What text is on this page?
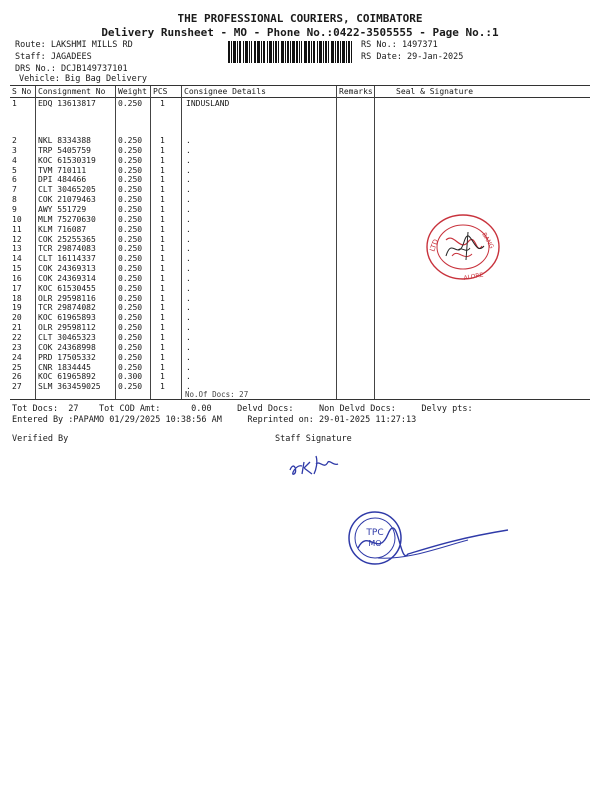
THE PROFESSIONAL COURIERS, COIMBATORE
Delivery Runsheet - MO - Phone No.:0422-3505555 - Page No.:1
Route: LAKSHMI MILLS RD
Staff: JAGADEES
DRS No.: DCJB149737101
Vehicle: Big Bag Delivery
RS No.: 1497371
RS Date: 29-Jan-2025
S No Consignment No Weight PCS Consignee Details	Remarks	Seal & Signature
1	EDQ 13613817	0.250 1	INDUSLAND
2	NKL 8334388	0.250 1	.
3	TRP 5405759	0.250 1	.
4	KOC 61530319	0.250 1	.
5	TVM 710111	0.250 1	.
6	DPI 484466	0.250 1	.
7	CLT 30465205	0.250 1	.
8	COK 21079463	0.250 1	.
9	AWY 551729	0.250 1	.
10 MLM 75270630	0.250 1	.
11 KLM 716087	0.250 1	.
12 COK 25255365	0.250 1	.
13 TCR 29874083	0.250 1	.
14 CLT 16114337	0.250 1	.
15 COK 24369313	0.250 1	.
16 COK 24369314	0.250 1	.
17 KOC 61530455	0.250 1	.
18 OLR 29598116	0.250 1	.
19 TCR 29874082	0.250 1	.
20 KOC 61965893	0.250 1	.
21 OLR 29598112	0.250 1	.
22 CLT 30465323	0.250 1	.
23 COK 24368998	0.250 1	.
24 PRD 17505332	0.250 1	.
25 CNR 1834445	0.250 1	.
26 KOC 61965892	0.300 1	.
27 SLM 363459025 0.250 1	.
No.Of Docs: 27
Tot Docs:  27    Tot COD Amt:      0.00     Delvd Docs:     Non Delvd Docs:     Delvy pts:
Entered By :PAPAMO 01/29/2025 10:38:56 AM     Reprinted on: 29-01-2025 11:27:13
Verified By	Staff Signature
LTD	BANG
ALORE
TPC
MO
